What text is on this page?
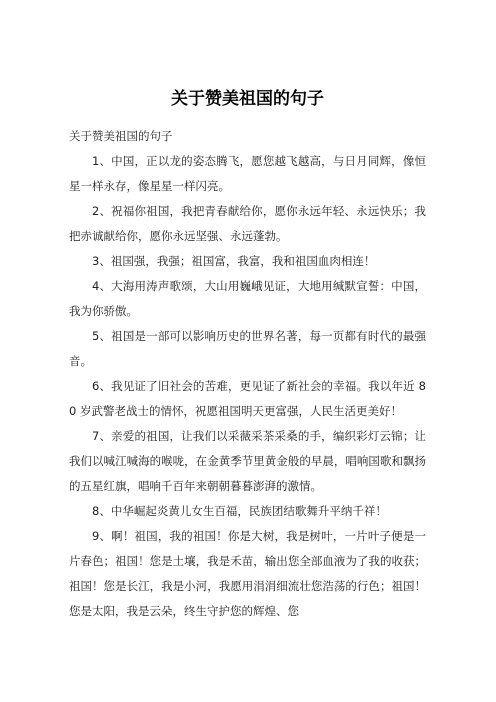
关于赞美祖国的句子

关于赞美祖国的句子

1、中国，正以龙的姿态腾飞，愿您越飞越高，与日月同辉，像恒星一样永存，像星星一样闪亮。

2、祝福你祖国，我把青春献给你，愿你永远年轻、永远快乐；我把赤诚献给你，愿你永远坚强、永远蓬勃。

3、祖国强，我强；祖国富，我富，我和祖国血肉相连！

4、大海用涛声歌颂，大山用巍峨见证，大地用缄默宣誓：中国，我为你骄傲。

5、祖国是一部可以影响历史的世界名著，每一页都有时代的最强音。

6、我见证了旧社会的苦难，更见证了新社会的幸福。我以年近 80 岁武警老战士的情怀，祝愿祖国明天更富强，人民生活更美好！

7、亲爱的祖国，让我们以采薇采茶采桑的手，编织彩灯云锦；让我们以喊江喊海的喉咙，在金黄季节里黄金般的早晨，唱响国歌和飘扬的五星红旗，唱响千百年来朝朝暮暮澎湃的激情。

8、中华崛起炎黄儿女生百福，民族团结歌舞升平纳千祥！

9、啊！祖国，我的祖国！你是大树，我是树叶，一片叶子便是一片春色；祖国！您是土壤，我是禾苗，输出您全部血液为了我的收获；祖国！您是长江，我是小河，我愿用涓涓细流壮您浩荡的行色；祖国！您是太阳，我是云朵，终生守护您的辉煌、您
